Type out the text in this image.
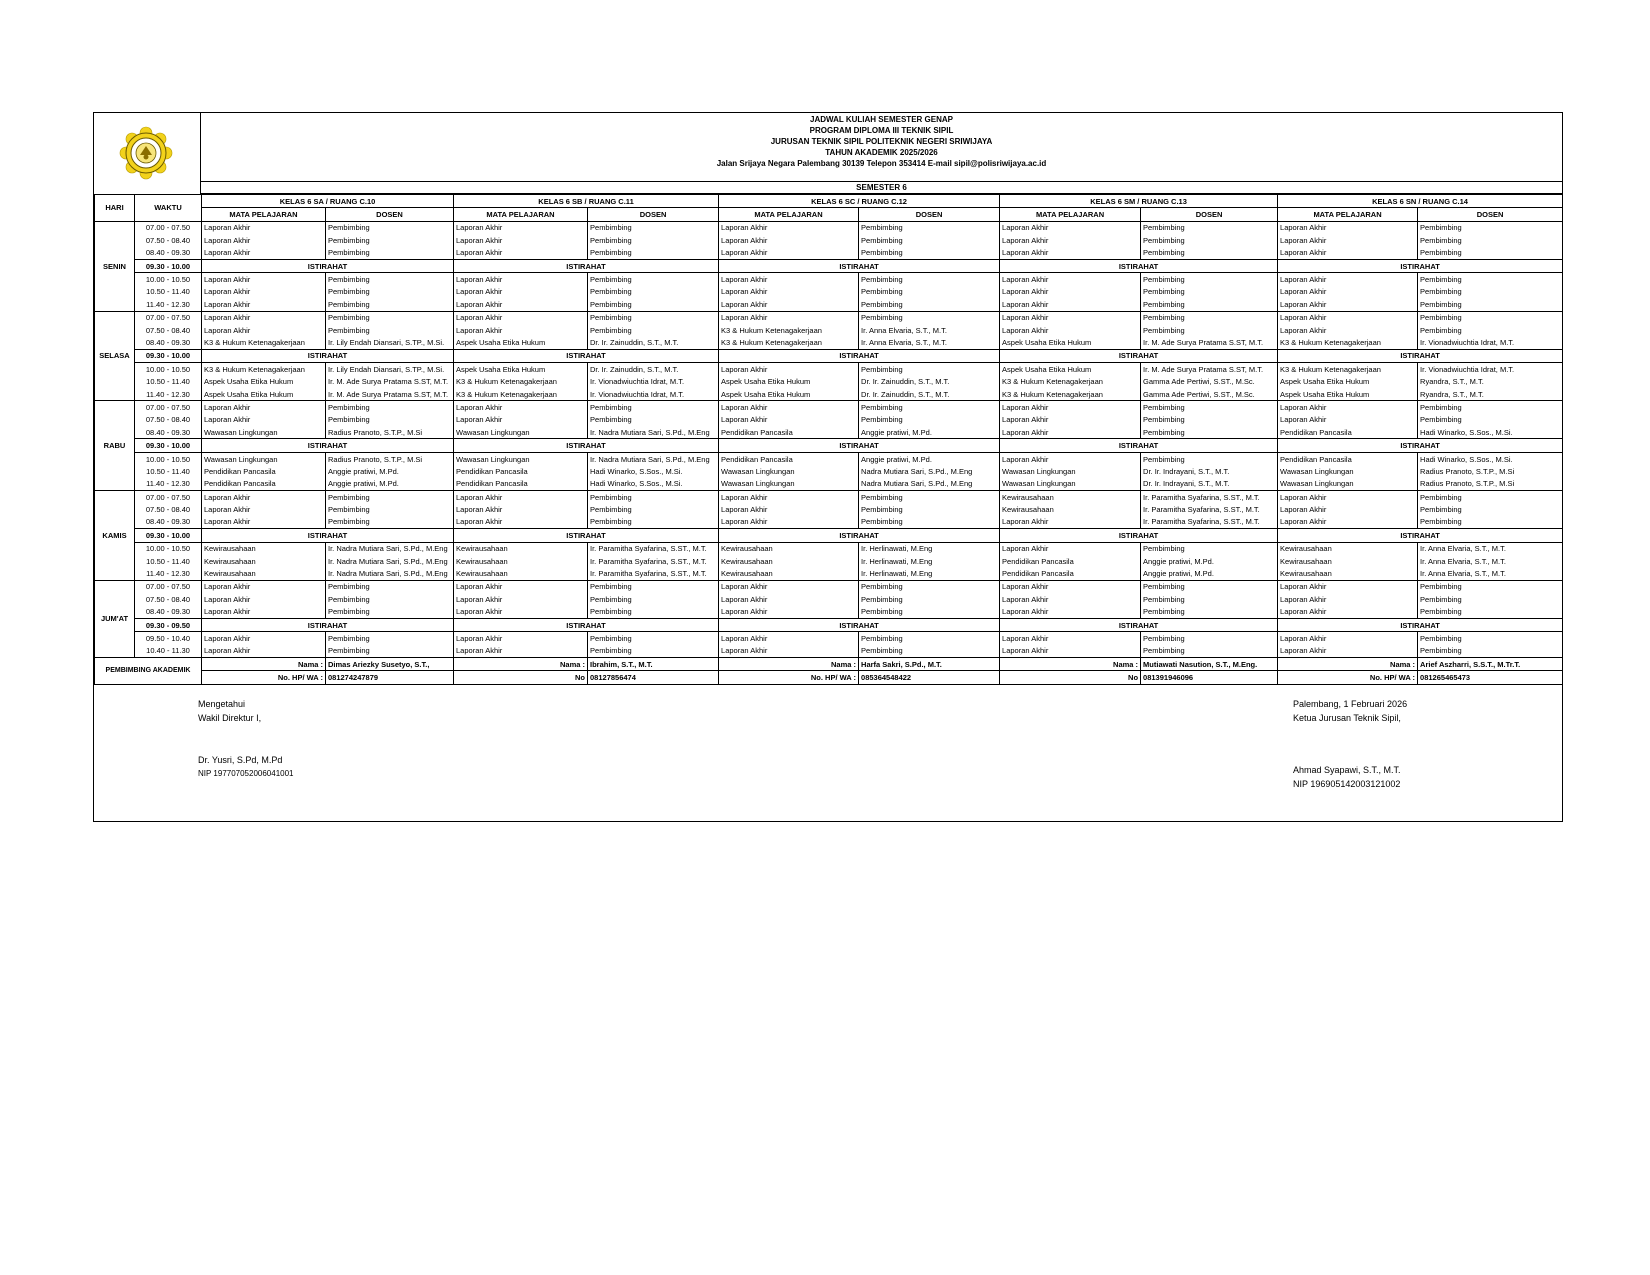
JADWAL KULIAH SEMESTER GENAP
PROGRAM DIPLOMA III TEKNIK SIPIL
JURUSAN TEKNIK SIPIL POLITEKNIK NEGERI SRIWIJAYA
TAHUN AKADEMIK 2025/2026
Jalan Srijaya Negara Palembang 30139 Telepon 353414 E-mail sipil@polisriwijaya.ac.id
SEMESTER 6
HARI	WAKTU	KELAS 6 SA / RUANG C.10		KELAS 6 SB / RUANG C.11		KELAS 6 SC / RUANG C.12		KELAS 6 SM / RUANG C.13		KELAS 6 SN / RUANG C.14	
		MATA PELAJARAN	DOSEN	MATA PELAJARAN	DOSEN	MATA PELAJARAN	DOSEN	MATA PELAJARAN	DOSEN	MATA PELAJARAN	DOSEN
SENIN	07.00 - 07.50	Laporan Akhir	Pembimbing	Laporan Akhir	Pembimbing	Laporan Akhir	Pembimbing	Laporan Akhir	Pembimbing	Laporan Akhir	Pembimbing
	07.50 - 08.40	Laporan Akhir	Pembimbing	Laporan Akhir	Pembimbing	Laporan Akhir	Pembimbing	Laporan Akhir	Pembimbing	Laporan Akhir	Pembimbing
	08.40 - 09.30	Laporan Akhir	Pembimbing	Laporan Akhir	Pembimbing	Laporan Akhir	Pembimbing	Laporan Akhir	Pembimbing	Laporan Akhir	Pembimbing
	09.30 - 10.00	ISTIRAHAT		ISTIRAHAT		ISTIRAHAT		ISTIRAHAT		ISTIRAHAT	
	10.00 - 10.50	Laporan Akhir	Pembimbing	Laporan Akhir	Pembimbing	Laporan Akhir	Pembimbing	Laporan Akhir	Pembimbing	Laporan Akhir	Pembimbing
	10.50 - 11.40	Laporan Akhir	Pembimbing	Laporan Akhir	Pembimbing	Laporan Akhir	Pembimbing	Laporan Akhir	Pembimbing	Laporan Akhir	Pembimbing
	11.40 - 12.30	Laporan Akhir	Pembimbing	Laporan Akhir	Pembimbing	Laporan Akhir	Pembimbing	Laporan Akhir	Pembimbing	Laporan Akhir	Pembimbing
SELASA	07.00 - 07.50	Laporan Akhir	Pembimbing	Laporan Akhir	Pembimbing	Laporan Akhir	Pembimbing	Laporan Akhir	Pembimbing	Laporan Akhir	Pembimbing
	07.50 - 08.40	Laporan Akhir	Pembimbing	Laporan Akhir	Pembimbing	K3 & Hukum Ketenagakerjaan	Ir. Anna Elvaria, S.T., M.T.	Laporan Akhir	Pembimbing	Laporan Akhir	Pembimbing
	08.40 - 09.30	K3 & Hukum Ketenagakerjaan	Ir. Lily Endah Diansari, S.TP., M.Si.	Aspek Usaha Etika Hukum	Dr. Ir. Zainuddin, S.T., M.T.	K3 & Hukum Ketenagakerjaan	Ir. Anna Elvaria, S.T., M.T.	Aspek Usaha Etika Hukum	Ir. M. Ade Surya Pratama S.ST, M.T.	K3 & Hukum Ketenagakerjaan	Ir. Vionadwiuchtia Idrat, M.T.
	09.30 - 10.00	ISTIRAHAT		ISTIRAHAT		ISTIRAHAT		ISTIRAHAT		ISTIRAHAT	
	10.00 - 10.50	K3 & Hukum Ketenagakerjaan	Ir. Lily Endah Diansari, S.TP., M.Si.	Aspek Usaha Etika Hukum	Dr. Ir. Zainuddin, S.T., M.T.	Laporan Akhir	Pembimbing	Aspek Usaha Etika Hukum	Ir. M. Ade Surya Pratama S.ST, M.T.	K3 & Hukum Ketenagakerjaan	Ir. Vionadwiuchtia Idrat, M.T.
	10.50 - 11.40	Aspek Usaha Etika Hukum	Ir. M. Ade Surya Pratama S.ST, M.T.	K3 & Hukum Ketenagakerjaan	Ir. Vionadwiuchtia Idrat, M.T.	Aspek Usaha Etika Hukum	Dr. Ir. Zainuddin, S.T., M.T.	K3 & Hukum Ketenagakerjaan	Gamma Ade Pertiwi, S.ST., M.Sc.	Aspek Usaha Etika Hukum	Ryandra, S.T., M.T.
	11.40 - 12.30	Aspek Usaha Etika Hukum	Ir. M. Ade Surya Pratama S.ST, M.T.	K3 & Hukum Ketenagakerjaan	Ir. Vionadwiuchtia Idrat, M.T.	Aspek Usaha Etika Hukum	Dr. Ir. Zainuddin, S.T., M.T.	K3 & Hukum Ketenagakerjaan	Gamma Ade Pertiwi, S.ST., M.Sc.	Aspek Usaha Etika Hukum	Ryandra, S.T., M.T.
RABU	07.00 - 07.50	Laporan Akhir	Pembimbing	Laporan Akhir	Pembimbing	Laporan Akhir	Pembimbing	Laporan Akhir	Pembimbing	Laporan Akhir	Pembimbing
	07.50 - 08.40	Laporan Akhir	Pembimbing	Laporan Akhir	Pembimbing	Laporan Akhir	Pembimbing	Laporan Akhir	Pembimbing	Laporan Akhir	Pembimbing
	08.40 - 09.30	Wawasan Lingkungan	Radius Pranoto, S.T.P., M.Si	Wawasan Lingkungan	Ir. Nadra Mutiara Sari, S.Pd., M.Eng	Pendidikan Pancasila	Anggie pratiwi, M.Pd.	Laporan Akhir	Pembimbing	Pendidikan Pancasila	Hadi Winarko, S.Sos., M.Si.
	09.30 - 10.00	ISTIRAHAT		ISTIRAHAT		ISTIRAHAT		ISTIRAHAT		ISTIRAHAT	
	10.00 - 10.50	Wawasan Lingkungan	Radius Pranoto, S.T.P., M.Si	Wawasan Lingkungan	Ir. Nadra Mutiara Sari, S.Pd., M.Eng	Pendidikan Pancasila	Anggie pratiwi, M.Pd.	Laporan Akhir	Pembimbing	Pendidikan Pancasila	Hadi Winarko, S.Sos., M.Si.
	10.50 - 11.40	Pendidikan Pancasila	Anggie pratiwi, M.Pd.	Pendidikan Pancasila	Hadi Winarko, S.Sos., M.Si.	Wawasan Lingkungan	Nadra Mutiara Sari, S.Pd., M.Eng	Wawasan Lingkungan	Dr. Ir. Indrayani, S.T., M.T.	Wawasan Lingkungan	Radius Pranoto, S.T.P., M.Si
	11.40 - 12.30	Pendidikan Pancasila	Anggie pratiwi, M.Pd.	Pendidikan Pancasila	Hadi Winarko, S.Sos., M.Si.	Wawasan Lingkungan	Nadra Mutiara Sari, S.Pd., M.Eng	Wawasan Lingkungan	Dr. Ir. Indrayani, S.T., M.T.	Wawasan Lingkungan	Radius Pranoto, S.T.P., M.Si
KAMIS	07.00 - 07.50	Laporan Akhir	Pembimbing	Laporan Akhir	Pembimbing	Laporan Akhir	Pembimbing	Kewirausahaan	Ir. Paramitha Syafarina, S.ST., M.T.	Laporan Akhir	Pembimbing
	07.50 - 08.40	Laporan Akhir	Pembimbing	Laporan Akhir	Pembimbing	Laporan Akhir	Pembimbing	Kewirausahaan	Ir. Paramitha Syafarina, S.ST., M.T.	Laporan Akhir	Pembimbing
	08.40 - 09.30	Laporan Akhir	Pembimbing	Laporan Akhir	Pembimbing	Laporan Akhir	Pembimbing	Laporan Akhir	Ir. Paramitha Syafarina, S.ST., M.T.	Laporan Akhir	Pembimbing
	09.30 - 10.00	ISTIRAHAT		ISTIRAHAT		ISTIRAHAT		ISTIRAHAT		ISTIRAHAT	
	10.00 - 10.50	Kewirausahaan	Ir. Nadra Mutiara Sari, S.Pd., M.Eng	Kewirausahaan	Ir. Paramitha Syafarina, S.ST., M.T.	Kewirausahaan	Ir. Herlinawati, M.Eng	Laporan Akhir	Pembimbing	Kewirausahaan	Ir. Anna Elvaria, S.T., M.T.
	10.50 - 11.40	Kewirausahaan	Ir. Nadra Mutiara Sari, S.Pd., M.Eng	Kewirausahaan	Ir. Paramitha Syafarina, S.ST., M.T.	Kewirausahaan	Ir. Herlinawati, M.Eng	Pendidikan Pancasila	Anggie pratiwi, M.Pd.	Kewirausahaan	Ir. Anna Elvaria, S.T., M.T.
	11.40 - 12.30	Kewirausahaan	Ir. Nadra Mutiara Sari, S.Pd., M.Eng	Kewirausahaan	Ir. Paramitha Syafarina, S.ST., M.T.	Kewirausahaan	Ir. Herlinawati, M.Eng	Pendidikan Pancasila	Anggie pratiwi, M.Pd.	Kewirausahaan	Ir. Anna Elvaria, S.T., M.T.
JUM'AT	07.00 - 07.50	Laporan Akhir	Pembimbing	Laporan Akhir	Pembimbing	Laporan Akhir	Pembimbing	Laporan Akhir	Pembimbing	Laporan Akhir	Pembimbing
	07.50 - 08.40	Laporan Akhir	Pembimbing	Laporan Akhir	Pembimbing	Laporan Akhir	Pembimbing	Laporan Akhir	Pembimbing	Laporan Akhir	Pembimbing
	08.40 - 09.30	Laporan Akhir	Pembimbing	Laporan Akhir	Pembimbing	Laporan Akhir	Pembimbing	Laporan Akhir	Pembimbing	Laporan Akhir	Pembimbing
	09.30 - 09.50	ISTIRAHAT		ISTIRAHAT		ISTIRAHAT		ISTIRAHAT		ISTIRAHAT	
	09.50 - 10.40	Laporan Akhir	Pembimbing	Laporan Akhir	Pembimbing	Laporan Akhir	Pembimbing	Laporan Akhir	Pembimbing	Laporan Akhir	Pembimbing
	10.40 - 11.30	Laporan Akhir	Pembimbing	Laporan Akhir	Pembimbing	Laporan Akhir	Pembimbing	Laporan Akhir	Pembimbing	Laporan Akhir	Pembimbing
PEMBIMBING AKADEMIK		Nama :	Dimas Ariezky Susetyo, S.T.,	Nama :	Ibrahim, S.T., M.T.	Nama :	Harfa Sakri, S.Pd., M.T.	Nama :	Mutiawati Nasution, S.T., M.Eng.	Nama :	Arief Aszharri, S.S.T., M.Tr.T.
		No. HP/ WA :	081274247879	No	08127856474	No. HP/ WA :	085364548422	No	081391946096	No. HP/ WA :	081265465473
Mengetahui
Wakil Direktur I,
Dr. Yusri, S.Pd, M.Pd
NIP 197707052006041001
Palembang, 1 Februari 2026
Ketua Jurusan Teknik Sipil,
Ahmad Syapawi, S.T., M.T.
NIP 196905142003121002
